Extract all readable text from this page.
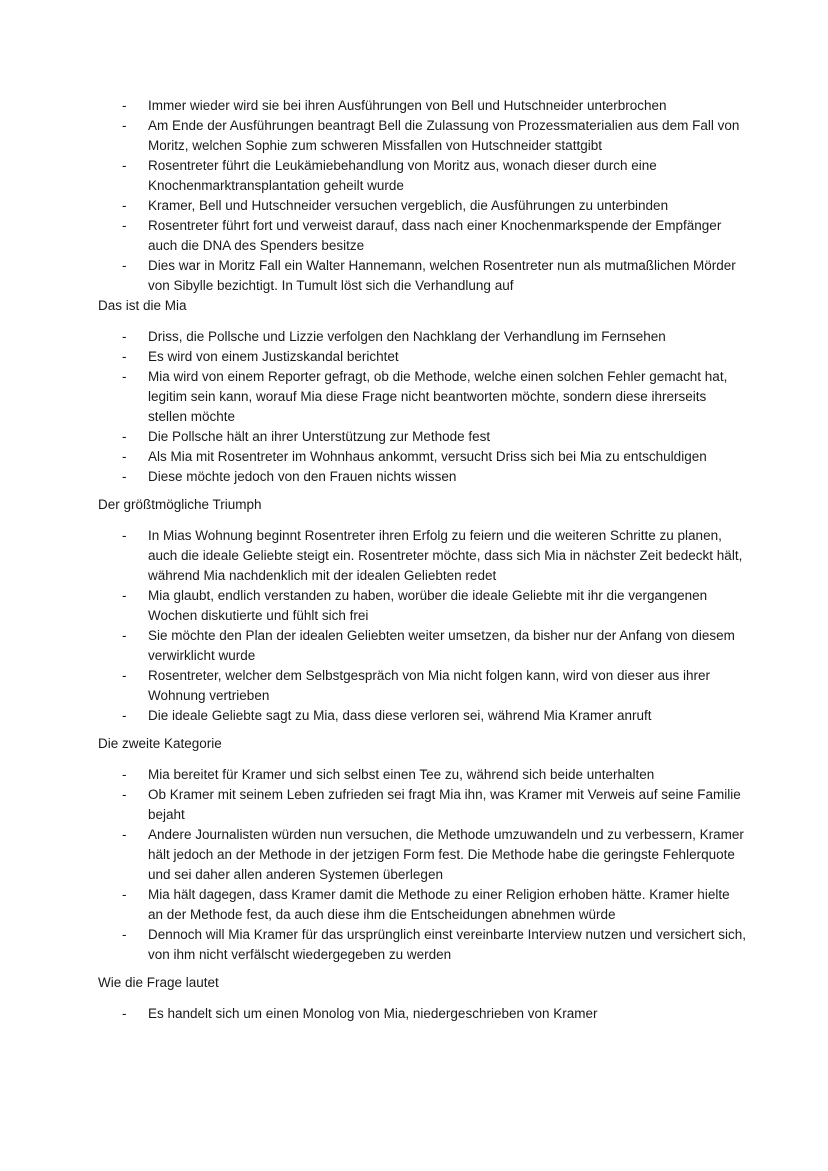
- Immer wieder wird sie bei ihren Ausführungen von Bell und Hutschneider unterbrochen
- Am Ende der Ausführungen beantragt Bell die Zulassung von Prozessmaterialien aus dem Fall von Moritz, welchen Sophie zum schweren Missfallen von Hutschneider stattgibt
- Rosentreter führt die Leukämiebehandlung von Moritz aus, wonach dieser durch eine Knochenmarktransplantation geheilt wurde
- Kramer, Bell und Hutschneider versuchen vergeblich, die Ausführungen zu unterbinden
- Rosentreter führt fort und verweist darauf, dass nach einer Knochenmarkspende der Empfänger auch die DNA des Spenders besitze
- Dies war in Moritz Fall ein Walter Hannemann, welchen Rosentreter nun als mutmaßlichen Mörder von Sibylle bezichtigt. In Tumult löst sich die Verhandlung auf

Das ist die Mia

- Driss, die Pollsche und Lizzie verfolgen den Nachklang der Verhandlung im Fernsehen
- Es wird von einem Justizskandal berichtet
- Mia wird von einem Reporter gefragt, ob die Methode, welche einen solchen Fehler gemacht hat, legitim sein kann, worauf Mia diese Frage nicht beantworten möchte, sondern diese ihrerseits stellen möchte
- Die Pollsche hält an ihrer Unterstützung zur Methode fest
- Als Mia mit Rosentreter im Wohnhaus ankommt, versucht Driss sich bei Mia zu entschuldigen
- Diese möchte jedoch von den Frauen nichts wissen

Der größtmögliche Triumph

- In Mias Wohnung beginnt Rosentreter ihren Erfolg zu feiern und die weiteren Schritte zu planen, auch die ideale Geliebte steigt ein. Rosentreter möchte, dass sich Mia in nächster Zeit bedeckt hält, während Mia nachdenklich mit der idealen Geliebten redet
- Mia glaubt, endlich verstanden zu haben, worüber die ideale Geliebte mit ihr die vergangenen Wochen diskutierte und fühlt sich frei
- Sie möchte den Plan der idealen Geliebten weiter umsetzen, da bisher nur der Anfang von diesem verwirklicht wurde
- Rosentreter, welcher dem Selbstgespräch von Mia nicht folgen kann, wird von dieser aus ihrer Wohnung vertrieben
- Die ideale Geliebte sagt zu Mia, dass diese verloren sei, während Mia Kramer anruft

Die zweite Kategorie

- Mia bereitet für Kramer und sich selbst einen Tee zu, während sich beide unterhalten
- Ob Kramer mit seinem Leben zufrieden sei fragt Mia ihn, was Kramer mit Verweis auf seine Familie bejaht
- Andere Journalisten würden nun versuchen, die Methode umzuwandeln und zu verbessern, Kramer hält jedoch an der Methode in der jetzigen Form fest. Die Methode habe die geringste Fehlerquote und sei daher allen anderen Systemen überlegen
- Mia hält dagegen, dass Kramer damit die Methode zu einer Religion erhoben hätte. Kramer hielte an der Methode fest, da auch diese ihm die Entscheidungen abnehmen würde
- Dennoch will Mia Kramer für das ursprünglich einst vereinbarte Interview nutzen und versichert sich, von ihm nicht verfälscht wiedergegeben zu werden

Wie die Frage lautet

- Es handelt sich um einen Monolog von Mia, niedergeschrieben von Kramer
